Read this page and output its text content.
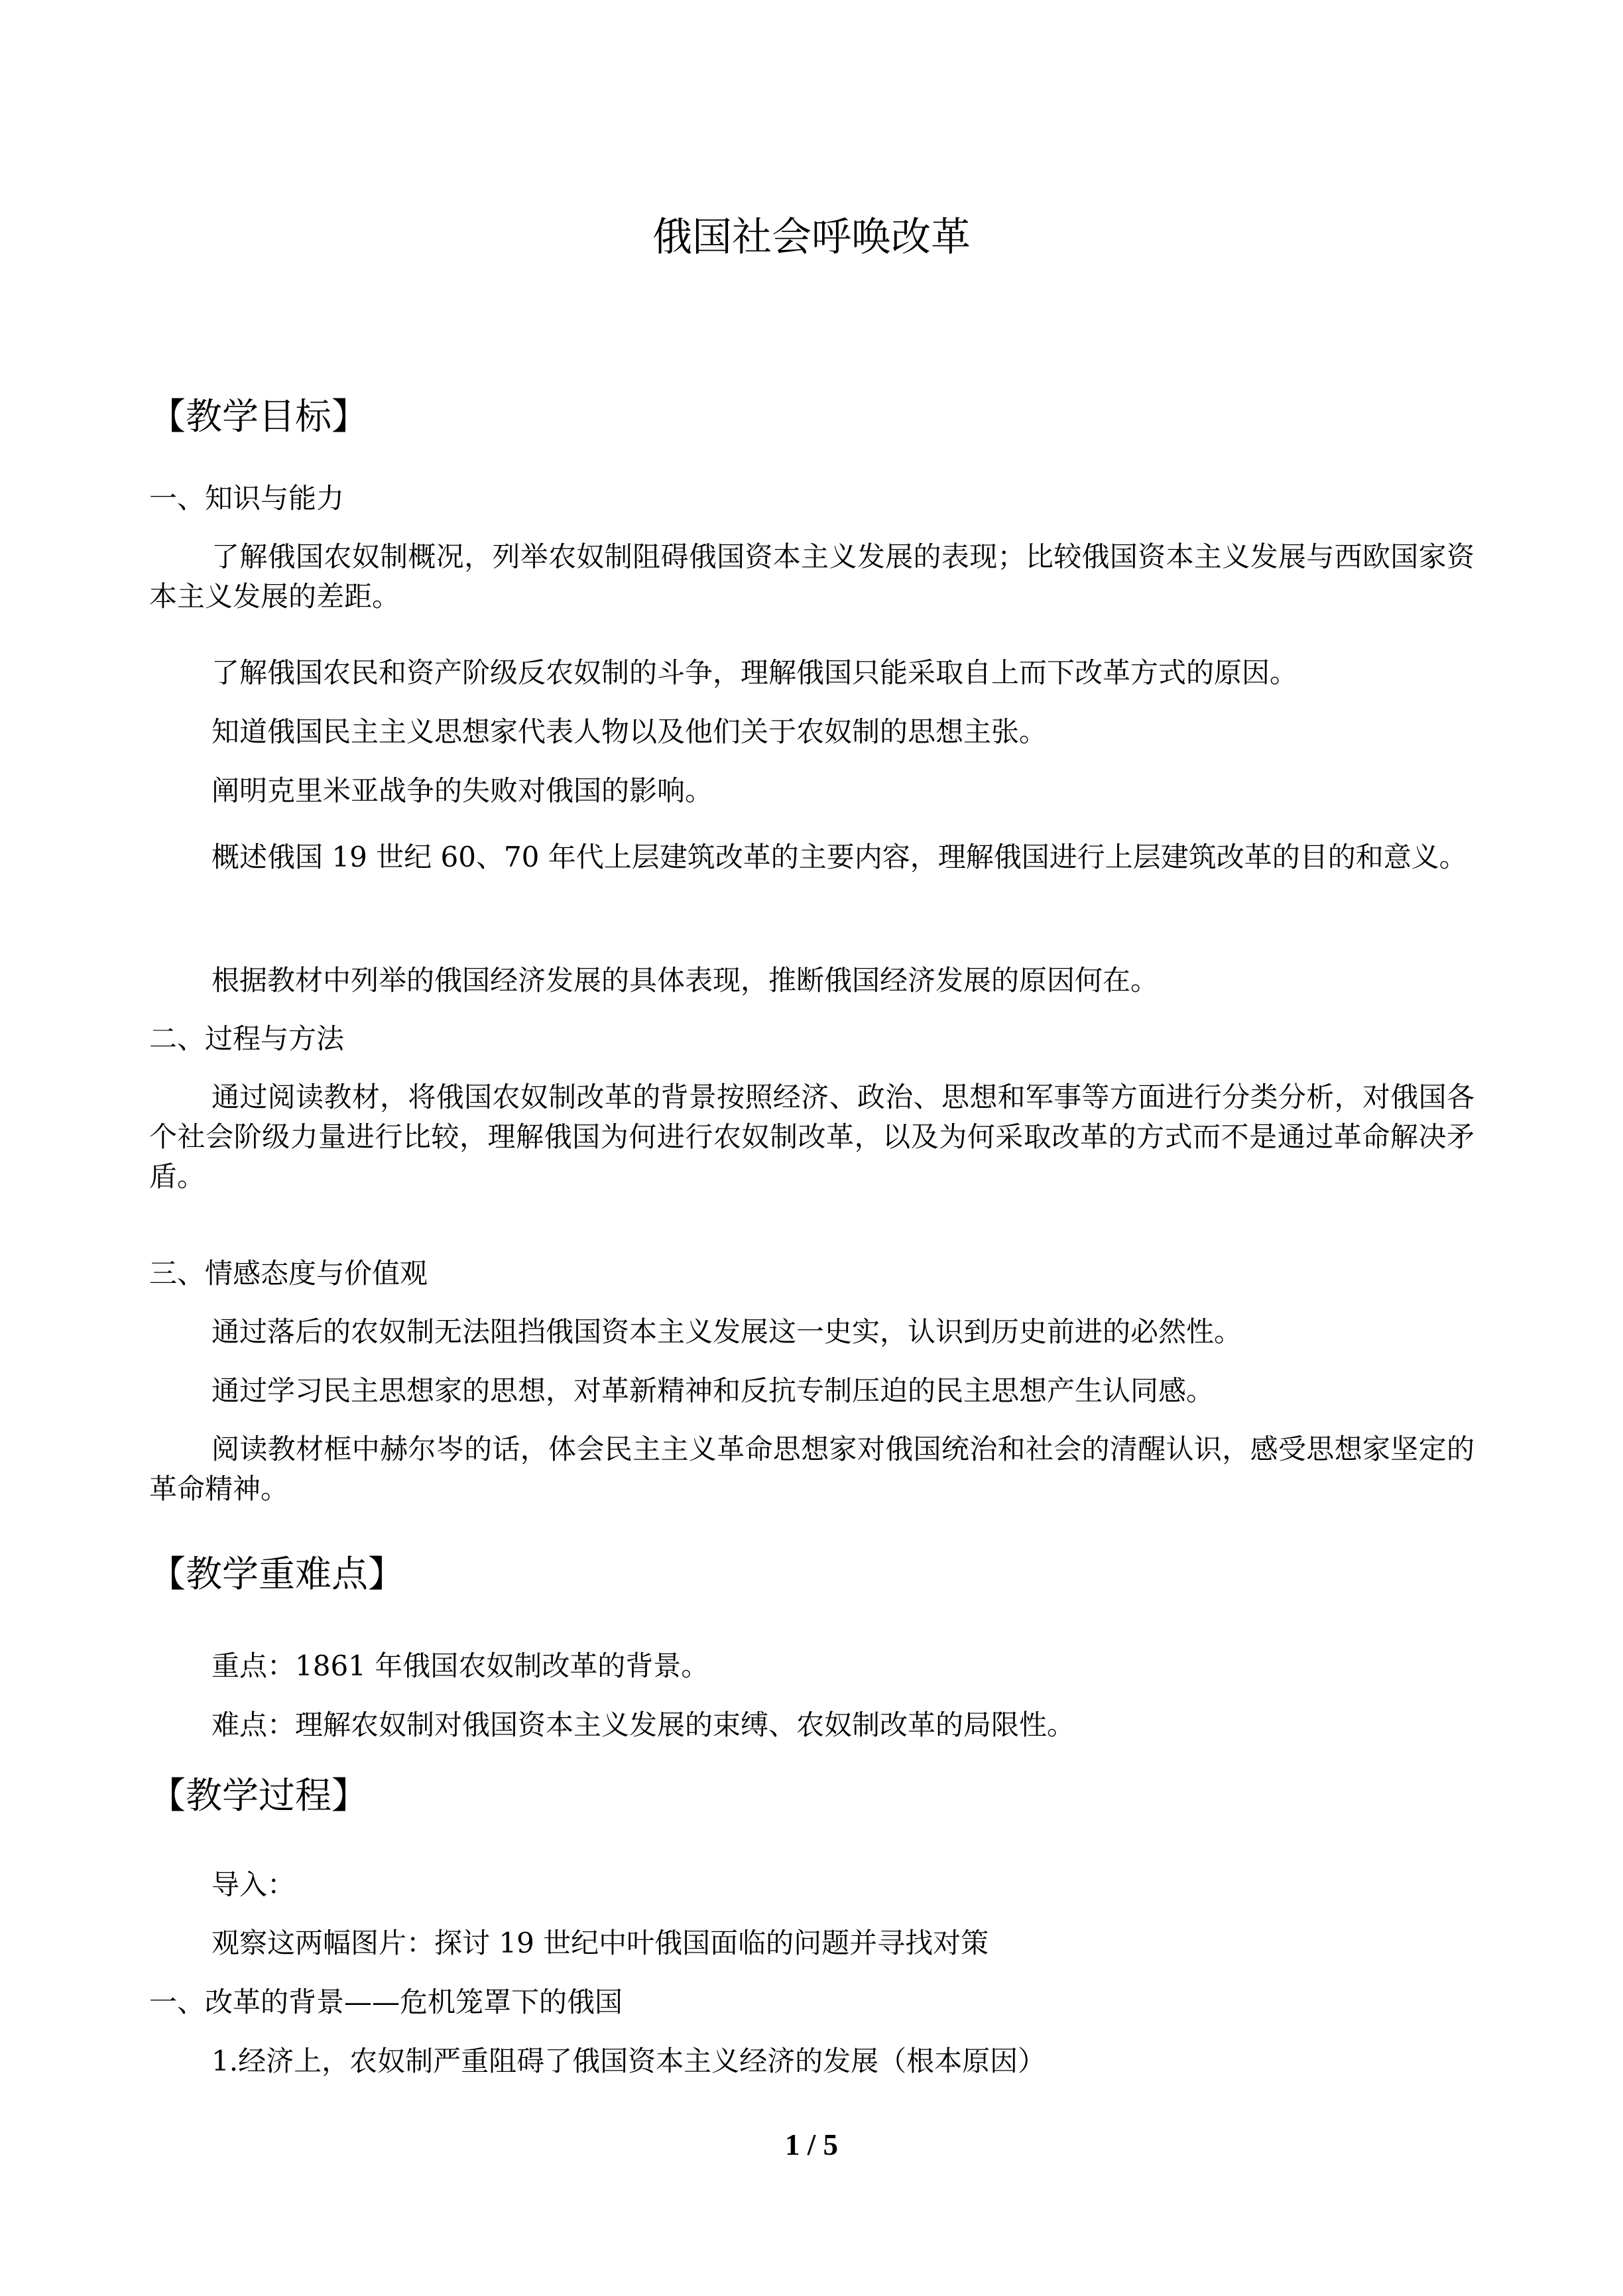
俄国社会呼唤改革
【教学目标】
一、知识与能力
了解俄国农奴制概况，列举农奴制阻碍俄国资本主义发展的表现；比较俄国资本主义发展与西欧国家资本主义发展的差距。
了解俄国农民和资产阶级反农奴制的斗争，理解俄国只能采取自上而下改革方式的原因。
知道俄国民主主义思想家代表人物以及他们关于农奴制的思想主张。
阐明克里米亚战争的失败对俄国的影响。
概述俄国 19 世纪 60、70 年代上层建筑改革的主要内容，理解俄国进行上层建筑改革的目的和意义。
根据教材中列举的俄国经济发展的具体表现，推断俄国经济发展的原因何在。
二、过程与方法
通过阅读教材，将俄国农奴制改革的背景按照经济、政治、思想和军事等方面进行分类分析，对俄国各个社会阶级力量进行比较，理解俄国为何进行农奴制改革，以及为何采取改革的方式而不是通过革命解决矛盾。
三、情感态度与价值观
通过落后的农奴制无法阻挡俄国资本主义发展这一史实，认识到历史前进的必然性。
通过学习民主思想家的思想，对革新精神和反抗专制压迫的民主思想产生认同感。
阅读教材框中赫尔岑的话，体会民主主义革命思想家对俄国统治和社会的清醒认识，感受思想家坚定的革命精神。
【教学重难点】
重点：1861 年俄国农奴制改革的背景。
难点：理解农奴制对俄国资本主义发展的束缚、农奴制改革的局限性。
【教学过程】
导入：
观察这两幅图片：探讨 19 世纪中叶俄国面临的问题并寻找对策
一、改革的背景——危机笼罩下的俄国
1.经济上，农奴制严重阻碍了俄国资本主义经济的发展（根本原因）
1 / 5
